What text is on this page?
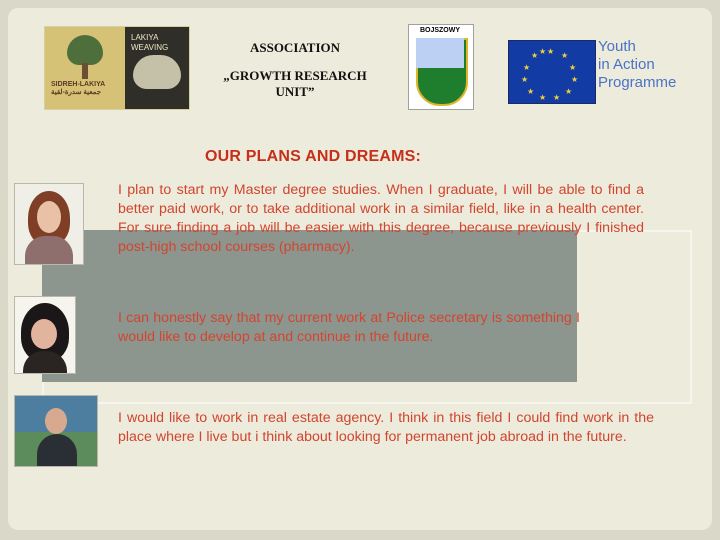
SIDREH-LAKIYA جمعية سدرة-لقية
LAKIYA WEAVING	ASSOCIATION
„GROWTH RESEARCH UNIT”
BOJSZOWY
★ ★
★
★
★
★
★
★
★
★
★ ★	Youth
in Action
Programme
OUR PLANS AND DREAMS:
I plan to start my Master degree studies. When I graduate, I will be able to find a better paid work, or to take additional work in a similar field, like in a health center. For sure finding a job will be easier with this degree, because previously I finished post-high school courses (pharmacy).
I can honestly say that my current work at Police secretary is something I would like to develop at and continue in the future.
I would like to work in real estate agency. I think in this field I could find work in the place where I live but i think about looking for permanent job abroad in the future.
